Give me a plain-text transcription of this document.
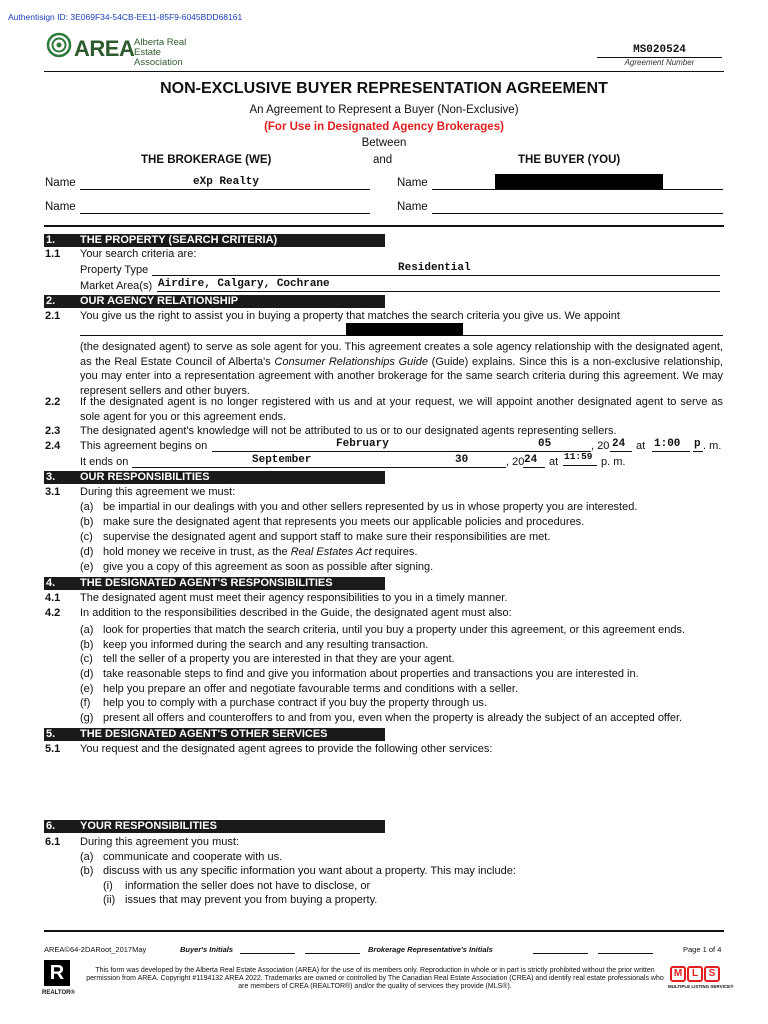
Authentisign ID: 3E069F34-54CB-EE11-85F9-6045BDD68161
AREA Alberta Real Estate
Association
MS020524
Agreement Number
NON-EXCLUSIVE BUYER REPRESENTATION AGREEMENT
An Agreement to Represent a Buyer (Non-Exclusive)
(For Use in Designated Agency Brokerages)
Between
THE BROKERAGE (WE)	and	THE BUYER (YOU)
Name	eXp Realty	Name
Name	Name
1. THE PROPERTY (SEARCH CRITERIA)
1.1 Your search criteria are:
Property Type	Residential
Market Area(s) Airdire, Calgary, Cochrane
2. OUR AGENCY RELATIONSHIP
2.1 You give us the right to assist you in buying a property that matches the search criteria you give us. We appoint
(the designated agent) to serve as sole agent for you. This agreement creates a sole agency relationship with the designated agent, as the Real Estate Council of Alberta's Consumer Relationships Guide (Guide) explains. Since this is a non-exclusive relationship, you may enter into a representation agreement with another brokerage for the same search criteria during this agreement. We may represent sellers and other buyers.
2.2 If the designated agent is no longer registered with us and at your request, we will appoint another designated agent to serve as sole agent for you or this agreement ends.
2.3 The designated agent's knowledge will not be attributed to us or to our designated agents representing sellers.
2.4 This agreement begins on	February	05	, 20 24 at 1:00 p . m.
It ends on	September	30	, 20 24 at 11:59 p. m.
3. OUR RESPONSIBILITIES
3.1 During this agreement we must:
(a) be impartial in our dealings with you and other sellers represented by us in whose property you are interested.
(b) make sure the designated agent that represents you meets our applicable policies and procedures.
(c) supervise the designated agent and support staff to make sure their responsibilities are met.
(d) hold money we receive in trust, as the Real Estates Act requires.
(e) give you a copy of this agreement as soon as possible after signing.
4. THE DESIGNATED AGENT'S RESPONSIBILITIES
4.1 The designated agent must meet their agency responsibilities to you in a timely manner.
4.2 In addition to the responsibilities described in the Guide, the designated agent must also:
(a) look for properties that match the search criteria, until you buy a property under this agreement, or this agreement ends.
(b) keep you informed during the search and any resulting transaction.
(c) tell the seller of a property you are interested in that they are your agent.
(d) take reasonable steps to find and give you information about properties and transactions you are interested in.
(e) help you prepare an offer and negotiate favourable terms and conditions with a seller.
(f) help you to comply with a purchase contract if you buy the property through us.
(g) present all offers and counteroffers to and from you, even when the property is already the subject of an accepted offer.
5. THE DESIGNATED AGENT'S OTHER SERVICES
5.1 You request and the designated agent agrees to provide the following other services:
6. YOUR RESPONSIBILITIES
6.1 During this agreement you must:
(a) communicate and cooperate with us.
(b) discuss with us any specific information you want about a property. This may include:
(i) information the seller does not have to disclose, or
(ii) issues that may prevent you from buying a property.
AREA©64-2DARoot_2017May	Buyer's Initials	Brokerage Representative's Initials	Page 1 of 4
R
REALTOR®
This form was developed by the Alberta Real Estate Association (AREA) for the use of its members only. Reproduction in whole or in part is strictly prohibited without the prior written permission from AREA. Copyright #1194132 AREA 2022. Trademarks are owned or controlled by The Canadian Real Estate Association (CREA) and identify real estate professionals who are members of CREA (REALTOR®) and/or the quality of services they provide (MLS®).
M L	S
MULTIPLE LISTING SERVICE®
